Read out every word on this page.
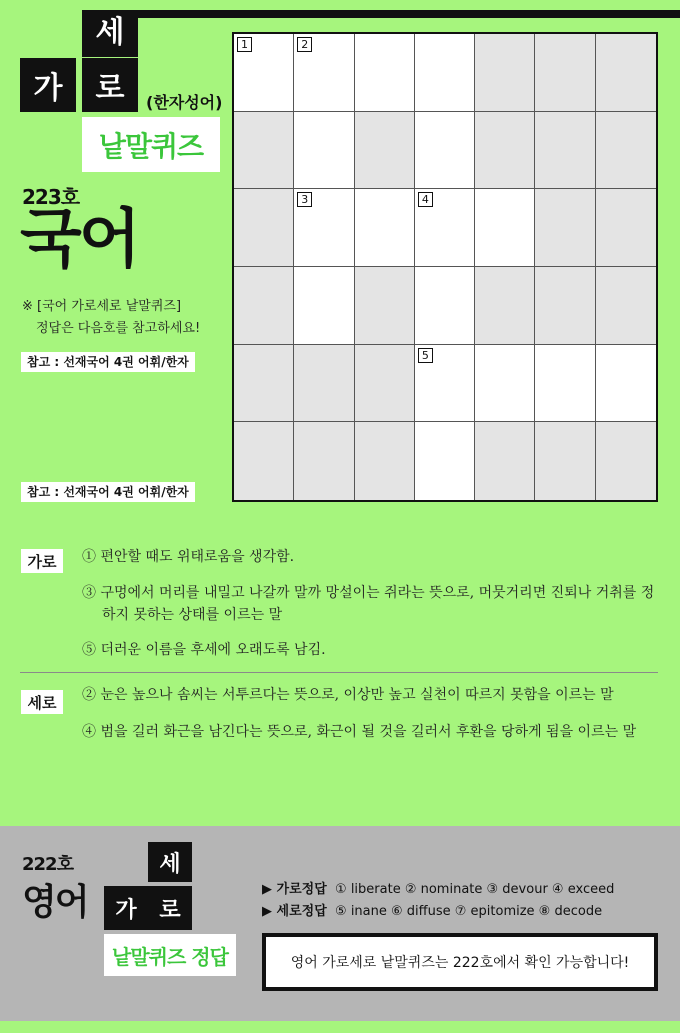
세
가	로	(한자성어)
낱말퀴즈
223호
국어
※ [국어 가로세로 낱말퀴즈]
정답은 다음호를 참고하세요!
참고 : 선재국어 4권 어휘/한자
참고 : 선재국어 4권 어휘/한자
1	2
3	4
5
가로	① 편안할 때도 위태로움을 생각함.
③ 구멍에서 머리를 내밀고 나갈까 말까 망설이는 쥐라는 뜻으로, 머뭇거리면 진퇴나 거취를 정하지 못하는 상태를 이르는 말
⑤ 더러운 이름을 후세에 오래도록 남김.
세로	② 눈은 높으나 솜씨는 서투르다는 뜻으로, 이상만 높고 실천이 따르지 못함을 이르는 말
④ 범을 길러 화근을 남긴다는 뜻으로, 화근이 될 것을 길러서 후환을 당하게 됨을 이르는 말
222호
영어
세
가	로
낱말퀴즈 정답
▶ 가로정답 ① liberate ② nominate ③ devour ④ exceed
▶ 세로정답 ⑤ inane ⑥ diffuse ⑦ epitomize ⑧ decode
영어 가로세로 낱말퀴즈는 222호에서 확인 가능합니다!
